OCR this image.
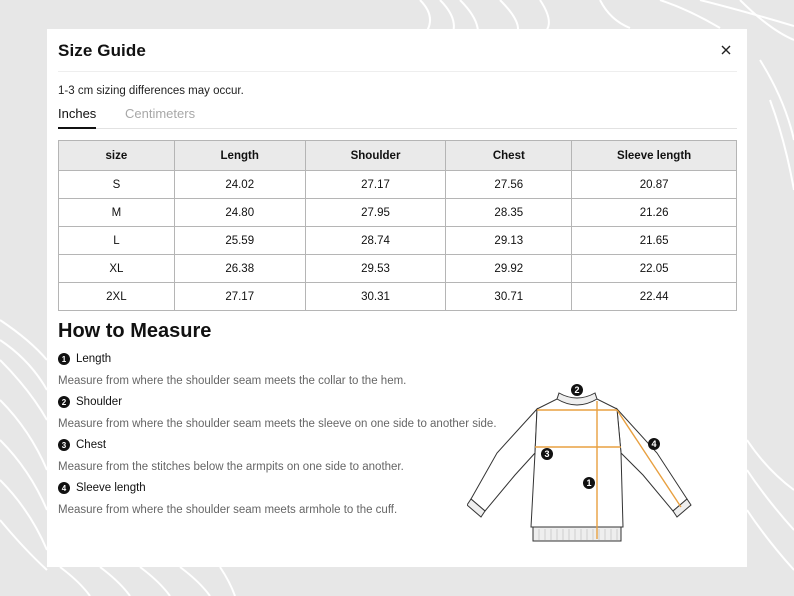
Size Guide
1-3 cm sizing differences may occur.
Inches Centimeters
size	Length	Shoulder	Chest	Sleeve length
S	24.02	27.17	27.56	20.87
M	24.80	27.95	28.35	21.26
L	25.59	28.74	29.13	21.65
XL	26.38	29.53	29.92	22.05
2XL	27.17	30.31	30.71	22.44
How to Measure
1 Length
Measure from where the shoulder seam meets the collar to the hem.
2 Shoulder
Measure from where the shoulder seam meets the sleeve on one side to another side.
3 Chest
Measure from the stitches below the armpits on one side to another.
4 Sleeve length
Measure from where the shoulder seam meets armhole to the cuff.
2
3
1
4
